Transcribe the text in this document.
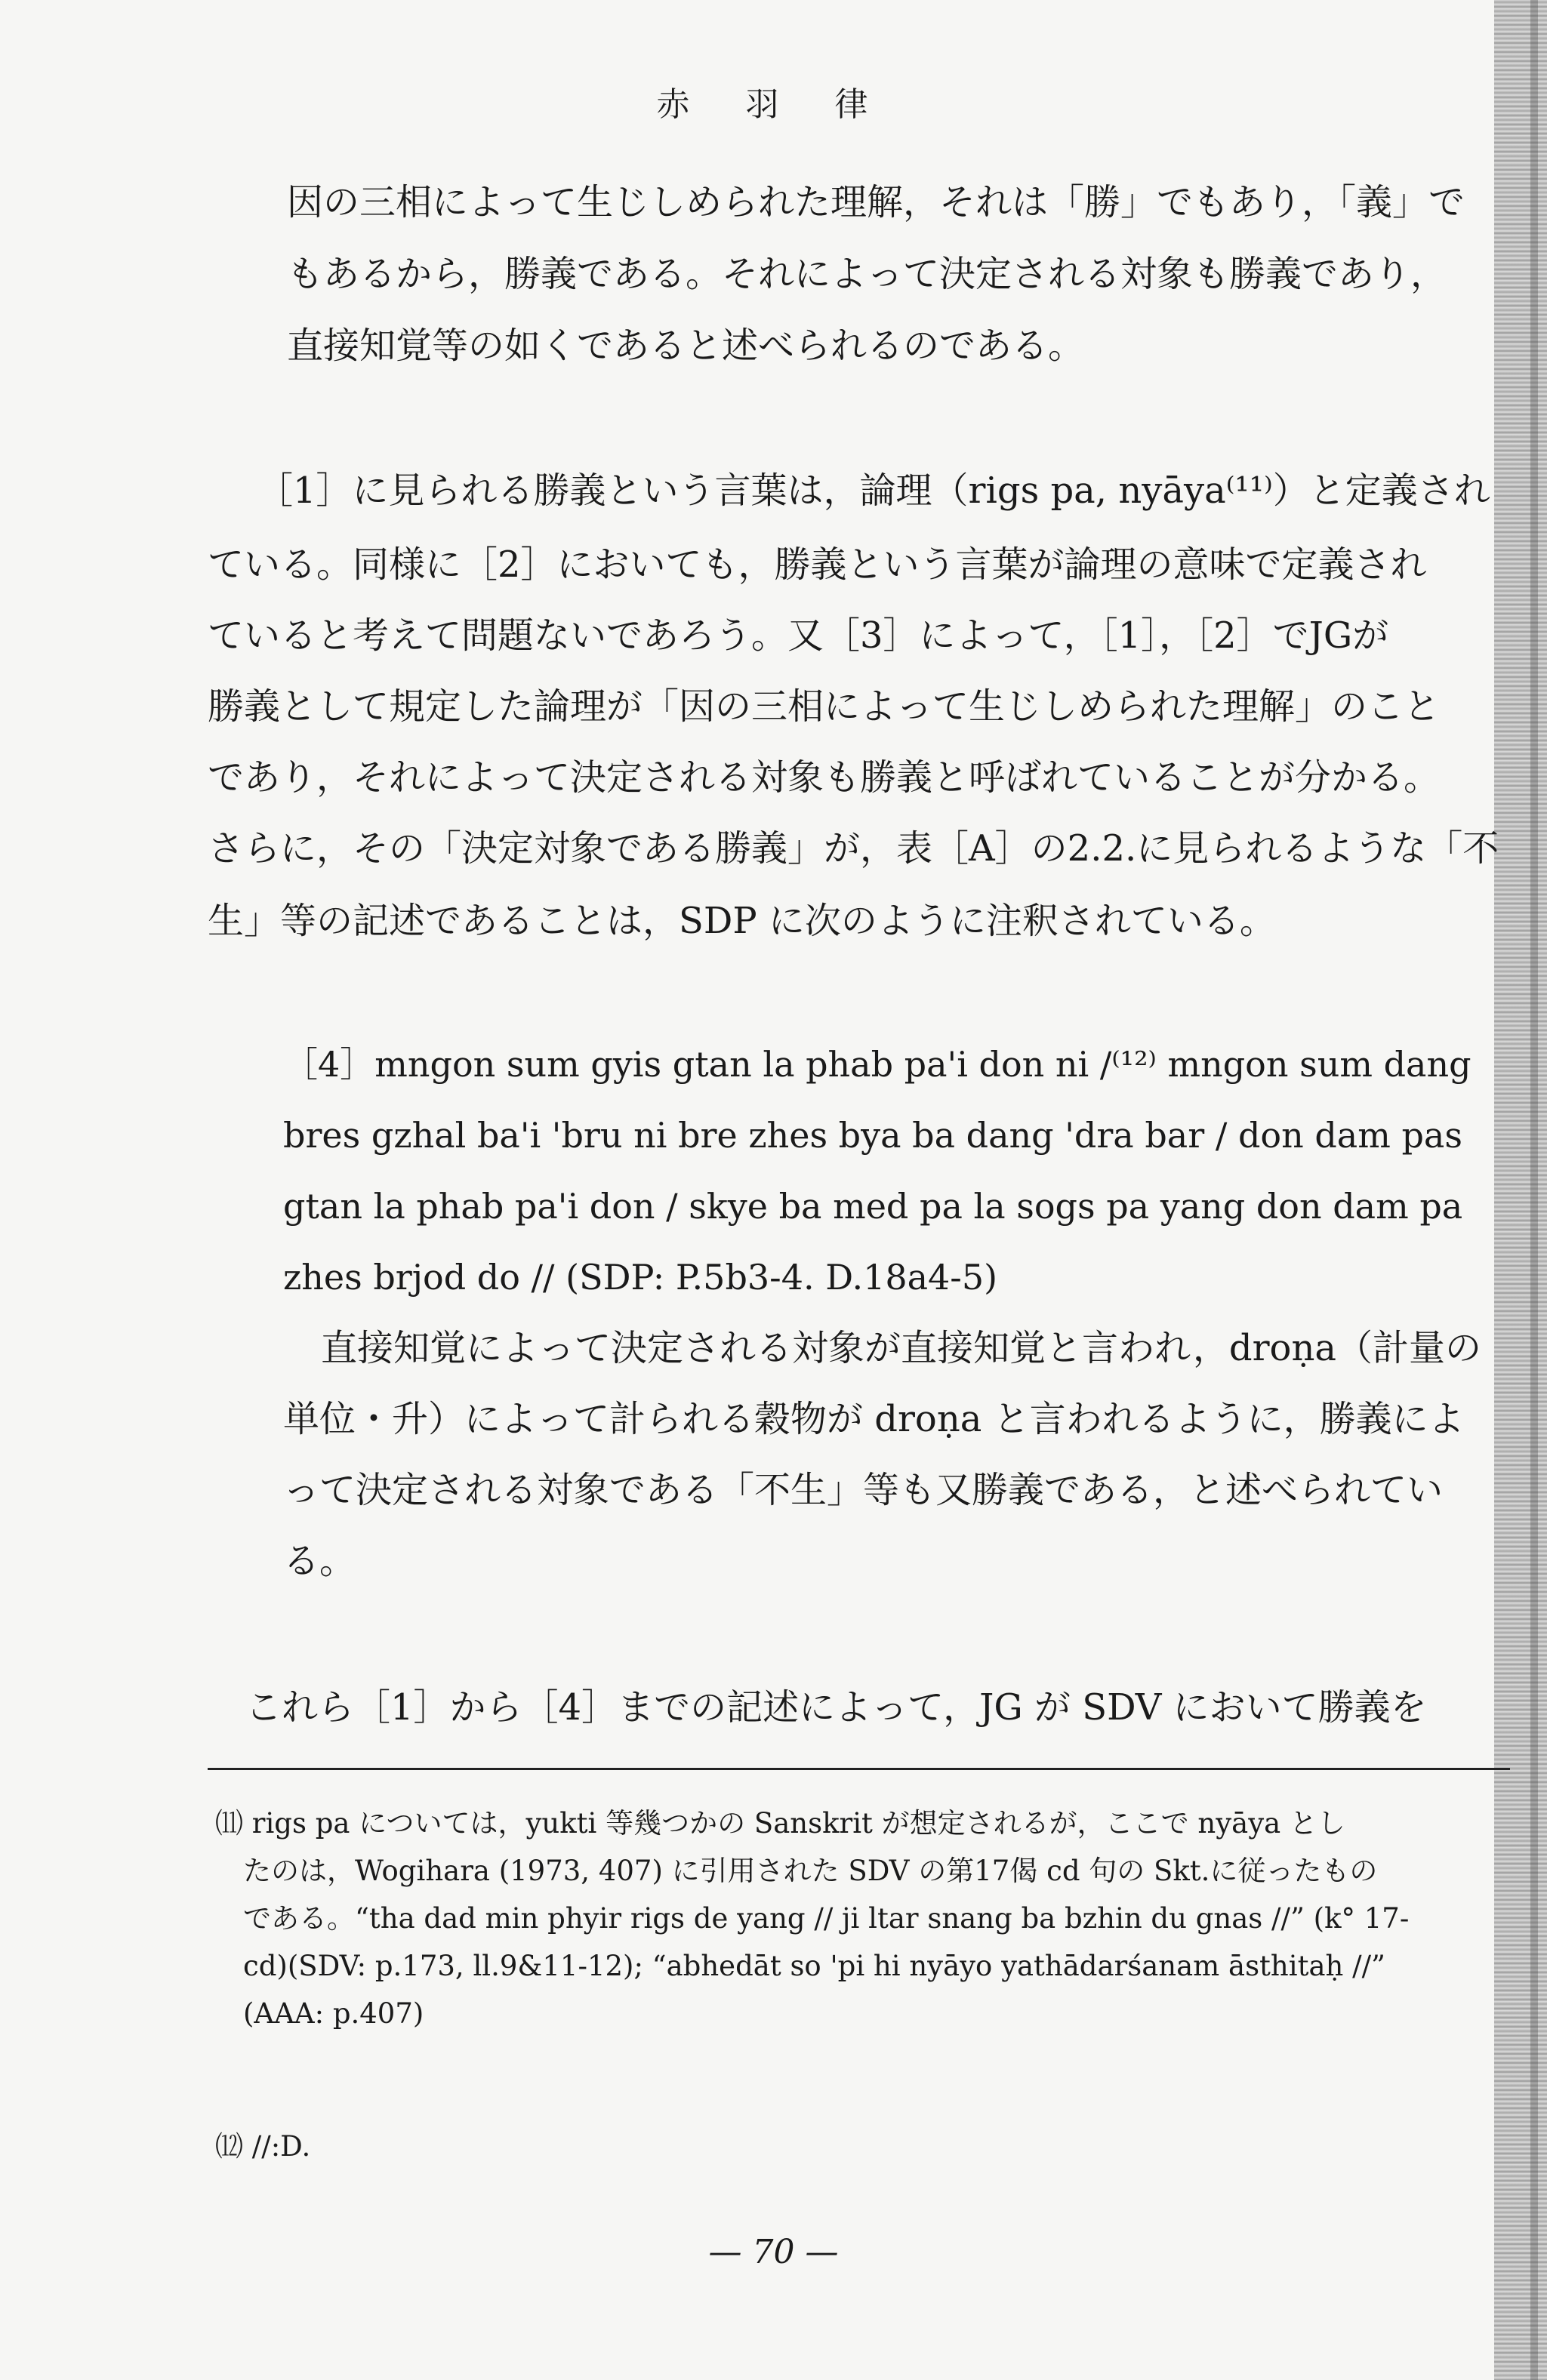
赤 羽 律
因の三相によって生じしめられた理解，それは「勝」でもあり，「義」で
もあるから，勝義である。それによって決定される対象も勝義であり，
直接知覚等の如くであると述べられるのである。
［1］に見られる勝義という言葉は，論理（rigs pa, nyāya⁽¹¹⁾）と定義され
ている。同様に［2］においても，勝義という言葉が論理の意味で定義され
ていると考えて問題ないであろう。又［3］によって，［1］，［2］でJGが
勝義として規定した論理が「因の三相によって生じしめられた理解」のこと
であり，それによって決定される対象も勝義と呼ばれていることが分かる。
さらに，その「決定対象である勝義」が，表［A］の2.2.に見られるような「不
生」等の記述であることは，SDP に次のように注釈されている。
［4］mngon sum gyis gtan la phab pa'i don ni /⁽¹²⁾ mngon sum dang
bres gzhal ba'i 'bru ni bre zhes bya ba dang 'dra bar / don dam pas
gtan la phab pa'i don / skye ba med pa la sogs pa yang don dam pa
zhes brjod do // (SDP: P.5b3-4. D.18a4-5)
直接知覚によって決定される対象が直接知覚と言われ，droṇa（計量の
単位・升）によって計られる穀物が droṇa と言われるように，勝義によ
って決定される対象である「不生」等も又勝義である，と述べられてい
る。
これら［1］から［4］までの記述によって，JG が SDV において勝義を
⑾ rigs pa については，yukti 等幾つかの Sanskrit が想定されるが，ここで nyāya とし
たのは，Wogihara (1973, 407) に引用された SDV の第17偈 cd 句の Skt.に従ったもの
である。“tha dad min phyir rigs de yang // ji ltar snang ba bzhin du gnas //” (k° 17-
cd)(SDV: p.173, ll.9&11-12); “abhedāt so 'pi hi nyāyo yathādarśanam āsthitaḥ //”
(AAA: p.407)
⑿ //:D.
— 70 —
